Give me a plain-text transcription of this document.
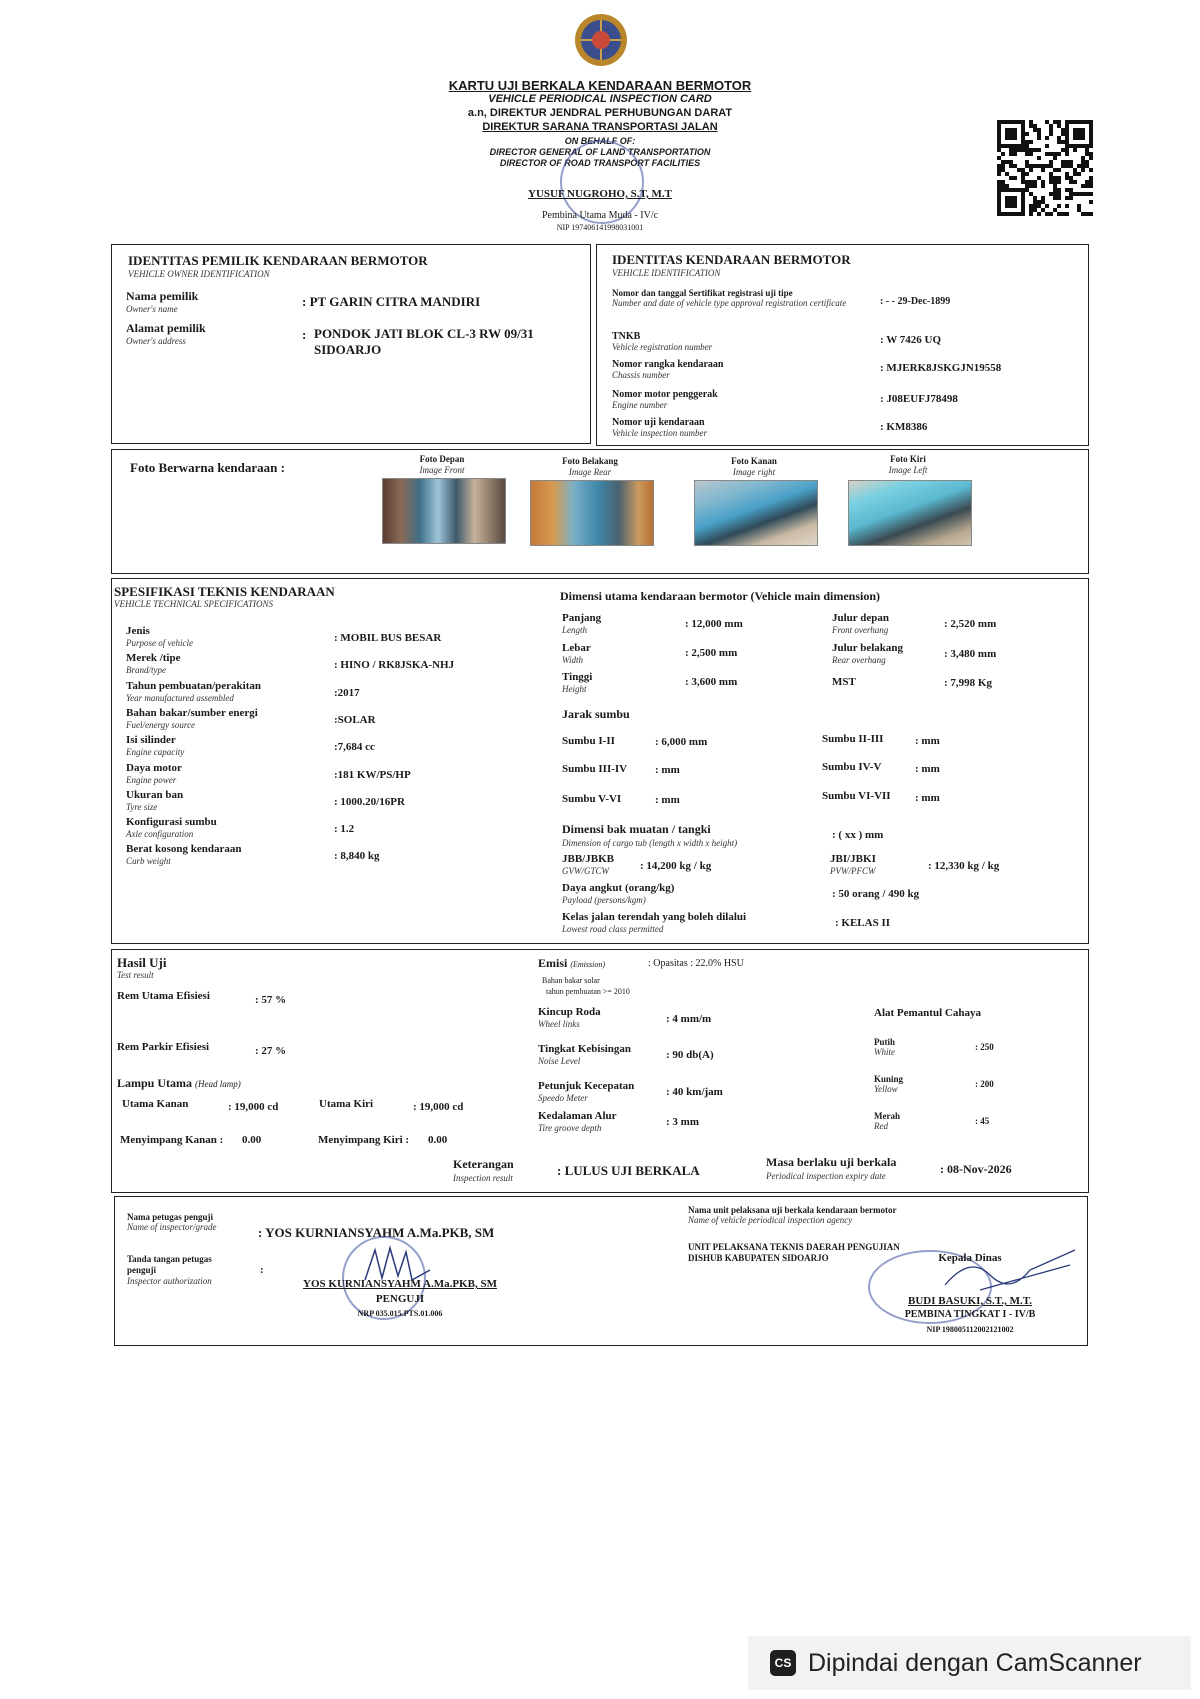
KARTU UJI BERKALA KENDARAAN BERMOTOR
VEHICLE PERIODICAL INSPECTION CARD
a.n, DIREKTUR JENDRAL PERHUBUNGAN DARAT
DIREKTUR SARANA TRANSPORTASI JALAN
ON BEHALF OF:
DIRECTOR GENERAL OF LAND TRANSPORTATION
DIRECTOR OF ROAD TRANSPORT FACILITIES
YUSUF NUGROHO, S.T, M.T
Pembina Utama Muda - IV/c
NIP 197406141998031001
IDENTITAS PEMILIK KENDARAAN BERMOTOR
VEHICLE OWNER IDENTIFICATION
Nama pemilik
Owner's name	: PT GARIN CITRA MANDIRI
Alamat pemilik
Owner's address	: PONDOK JATI BLOK CL-3 RW 09/31
SIDOARJO
IDENTITAS KENDARAAN BERMOTOR
VEHICLE IDENTIFICATION
Nomor dan tanggal Sertifikat registrasi uji tipe
Number and date of vehicle type approval registration certificate	: - - 29-Dec-1899
TNKB
Vehicle registration number
: W 7426 UQ
Nomor rangka kendaraan
Chassis number
: MJERK8JSKGJN19558
Nomor motor penggerak
Engine number	: J08EUFJ78498
Nomor uji kendaraan
Vehicle inspection number	: KM8386
Foto Berwarna kendaraan :
Foto Depan
Image Front
Foto Belakang
Image Rear
Foto Kanan
Image right
Foto Kiri
Image Left
SPESIFIKASI TEKNIS KENDARAAN
VEHICLE TECHNICAL SPECIFICATIONS
Jenis
Purpose of vehicle	: MOBIL BUS BESAR
Merek /tipe
Brand/type	: HINO / RK8JSKA-NHJ
Tahun pembuatan/perakitan
Year manufactured assembled	:2017
Bahan bakar/sumber energi
Fuel/energy source	:SOLAR
Isi silinder
Engine capacity	:7,684 cc
Daya motor
Engine power	:181 KW/PS/HP
Ukuran ban
Tyre size	: 1000.20/16PR
Konfigurasi sumbu
Axle configuration	: 1.2
Berat kosong kendaraan
Curb weight	: 8,840 kg
Dimensi utama kendaraan bermotor (Vehicle main dimension)
Panjang
Length	: 12,000 mm
Lebar
Width
: 2,500 mm
Tinggi
Height
: 3,600 mm
Julur depan
Front overhang	: 2,520 mm
Julur belakang
Rear overhang	: 3,480 mm
MST	: 7,998 Kg
Jarak sumbu
Sumbu I-II	: 6,000 mm	Sumbu II-III	: mm
Sumbu III-IV	: mm	Sumbu IV-V	: mm
Sumbu V-VI	: mm	Sumbu VI-VII : mm
Dimensi bak muatan / tangki
Dimension of cargo tub (length x width x height)
: ( xx ) mm
JBB/JBKB
GVW/GTCW	: 14,200 kg / kg
JBI/JBKI
PVW/PFCW	: 12,330 kg / kg
Daya angkut (orang/kg)
Payload (persons/kgm)	: 50 orang / 490 kg
Kelas jalan terendah yang boleh dilalui
Lowest road class permitted	: KELAS II
Hasil Uji
Test result
Rem Utama Efisiesi	: 57 %
Rem Parkir Efisiesi	: 27 %
Lampu Utama (Head lamp)
Utama Kanan	: 19,000 cd	Utama Kiri	: 19,000 cd
Menyimpang Kanan : 0.00	Menyimpang Kiri : 0.00
Emisi (Emission)	: Opasitas : 22.0% HSU
Bahan bakar solar
tahun pembuatan >= 2010
Kincup Roda
Wheel links	: 4 mm/m
Tingkat Kebisingan
Noise Level	: 90 db(A)
Petunjuk Kecepatan
Speedo Meter	: 40 km/jam
Kedalaman Alur
Tire groove depth	: 3 mm
Alat Pemantul Cahaya
Putih
White	: 250
Kuning
Yellow	: 200
Merah
Red	: 45
Keterangan
Inspection result	: LULUS UJI BERKALA
Masa berlaku uji berkala
Periodical inspection expiry date	: 08-Nov-2026
Nama petugas penguji
Name of inspector/grade	: YOS KURNIANSYAHM A.Ma.PKB, SM
Tanda tangan petugas
penguji
Inspector authorization
:
YOS KURNIANSYAHM A.Ma.PKB, SM
PENGUJI
NRP 035.015.PTS.01.006
Nama unit pelaksana uji berkala kendaraan bermotor
Name of vehicle periodical inspection agency
UNIT PELAKSANA TEKNIS DAERAH PENGUJIAN
DISHUB KABUPATEN SIDOARJO	Kepala Dinas
BUDI BASUKI, S.T., M.T.
PEMBINA TINGKAT I - IV/B
NIP 198005112002121002
CS Dipindai dengan CamScanner
